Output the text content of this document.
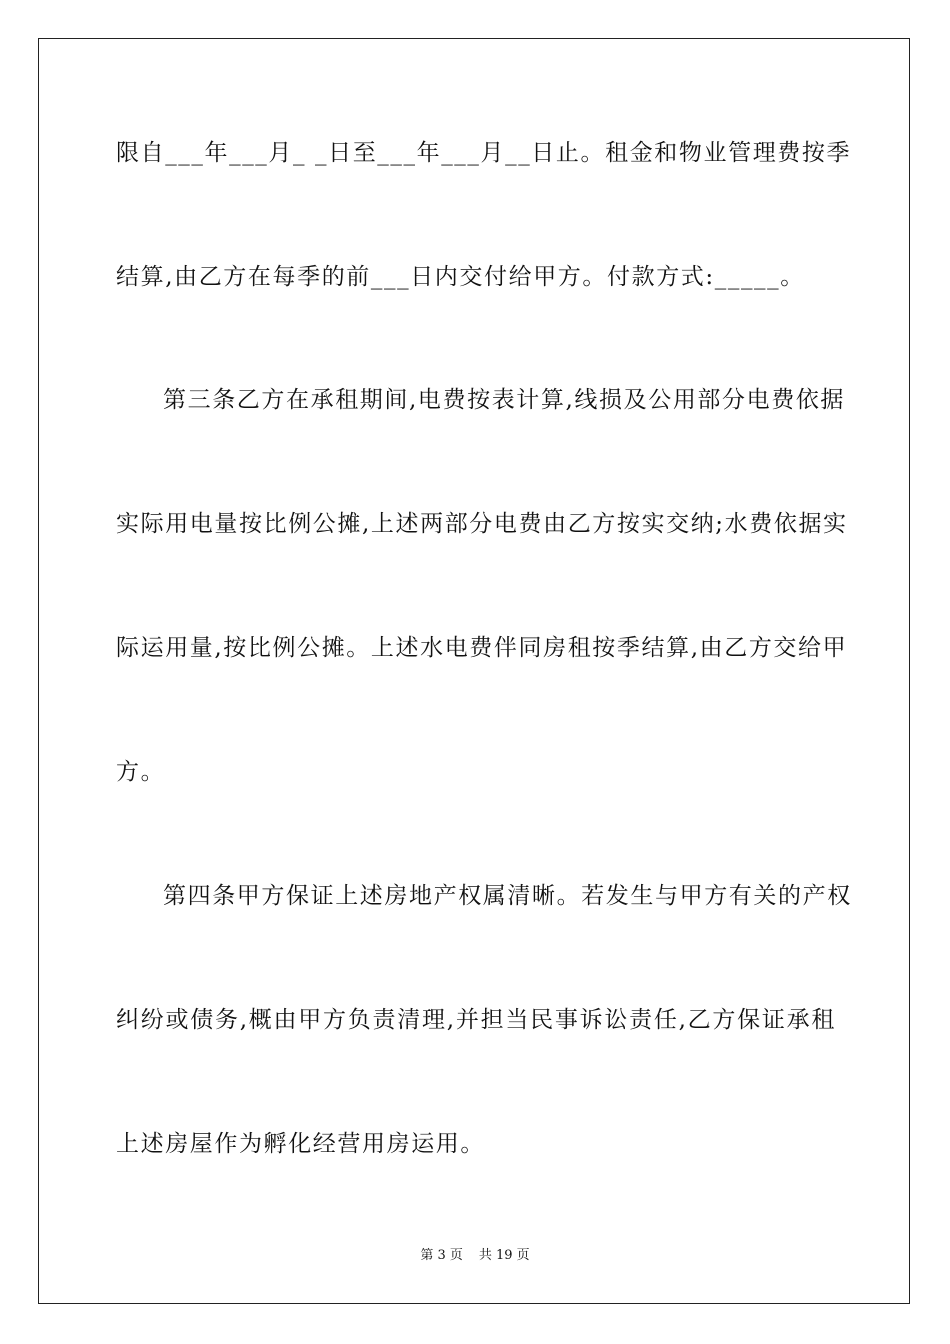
限自___年___月_ _日至___年___月__日止。租金和物业管理费按季
结算,由乙方在每季的前___日内交付给甲方。付款方式:_____。
第三条乙方在承租期间,电费按表计算,线损及公用部分电费依据
实际用电量按比例公摊,上述两部分电费由乙方按实交纳;水费依据实
际运用量,按比例公摊。上述水电费伴同房租按季结算,由乙方交给甲
方。
第四条甲方保证上述房地产权属清晰。若发生与甲方有关的产权
纠纷或债务,概由甲方负责清理,并担当民事诉讼责任,乙方保证承租
上述房屋作为孵化经营用房运用。
第 3 页 共 19 页
